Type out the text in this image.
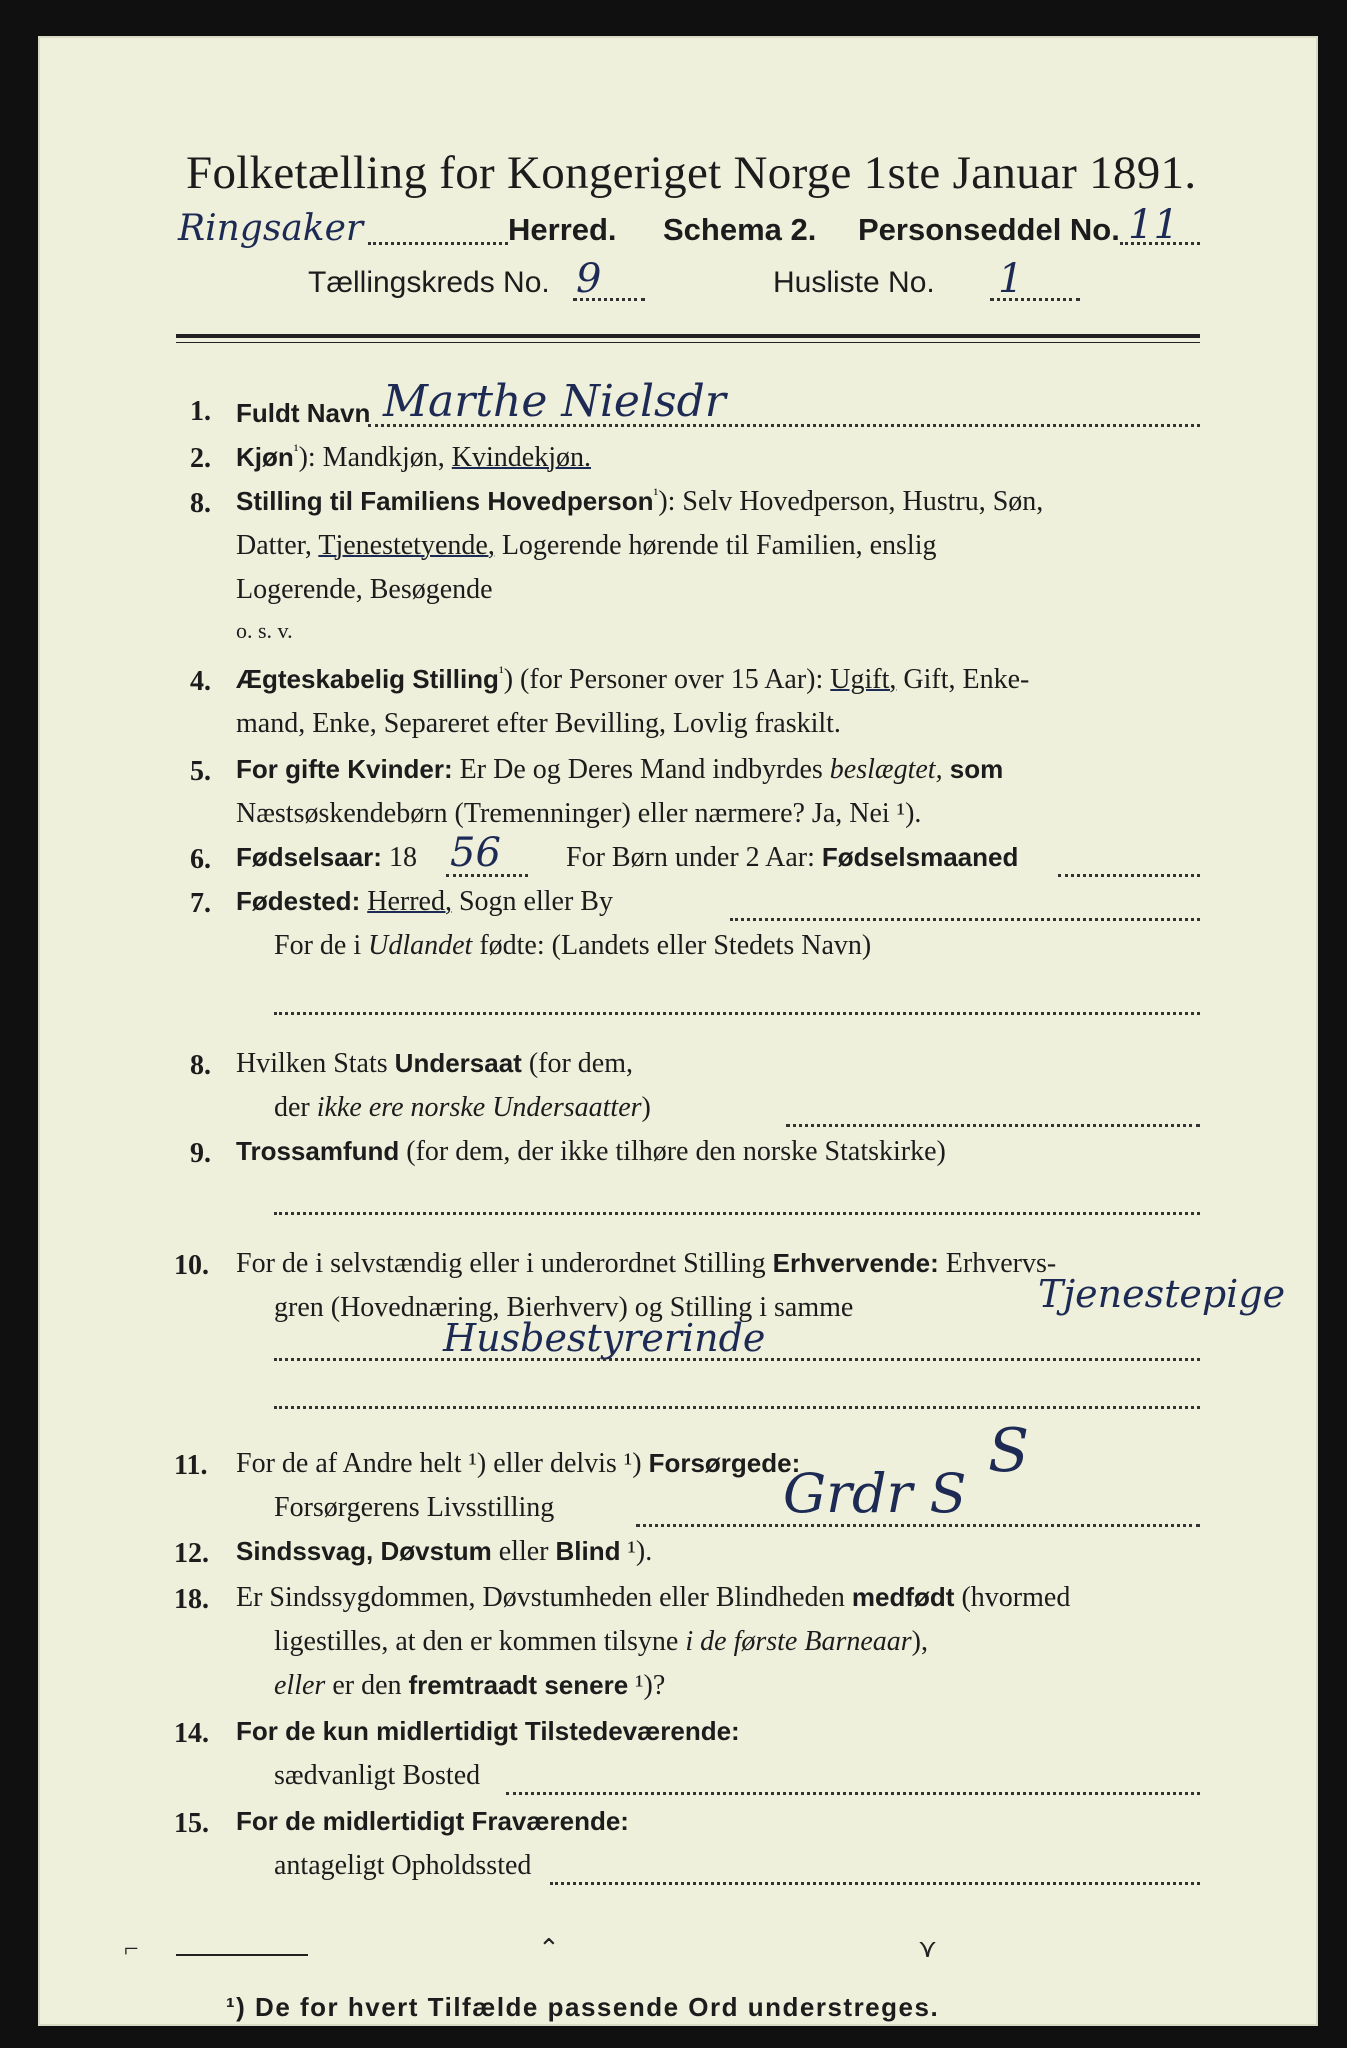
Folketælling for Kongeriget Norge 1ste Januar 1891.
Ringsaker	Herred. Schema 2. Personseddel No. 11
Tællingskreds No. 9	Husliste No. 1
1. Fuldt Navn Marthe Nielsdr
2. Kjøn$^{^1}$): Mandkjøn, Kvindekjøn.
8. Stilling til Familiens Hovedperson$^{^1}$): Selv Hovedperson, Hustru, Søn,
Datter, Tjenestetyende, Logerende hørende til Familien, enslig
Logerende, Besøgende
o. s. v.
4. Ægteskabelig Stilling$^{^1}$) (for Personer over 15 Aar): Ugift, Gift, Enke-
mand, Enke, Separeret efter Bevilling, Lovlig fraskilt.
5. For gifte Kvinder: Er De og Deres Mand indbyrdes beslægtet, som
Næstsøskendebørn (Tremenninger) eller nærmere? Ja, Nei ¹).
6. Fødselsaar: 18 56 For Børn under 2 Aar: Fødselsmaaned
7. Fødested: Herred, Sogn eller By
For de i Udlandet fødte: (Landets eller Stedets Navn)
8. Hvilken Stats Undersaat (for dem,
der ikke ere norske Undersaatter)
9. Trossamfund (for dem, der ikke tilhøre den norske Statskirke)
10. For de i selvstændig eller i underordnet Stilling Erhvervende: Erhvervs-
gren (Hovednæring, Bierhverv) og Stilling i samme	Tjenestepige
Husbestyrerinde
11. For de af Andre helt ¹) eller delvis ¹) Forsørgede:	S
Forsørgerens Livsstilling	Grdr S
12. Sindssvag, Døvstum eller Blind ¹).
18. Er Sindssygdommen, Døvstumheden eller Blindheden medfødt (hvormed
ligestilles, at den er kommen tilsyne i de første Barneaar),
eller er den fremtraadt senere ¹)?
14. For de kun midlertidigt Tilstedeværende:
sædvanligt Bosted
15. For de midlertidigt Fraværende:
antageligt Opholdssted
¹) De for hvert Tilfælde passende Ord understreges.
⌐	⌃	⋎
